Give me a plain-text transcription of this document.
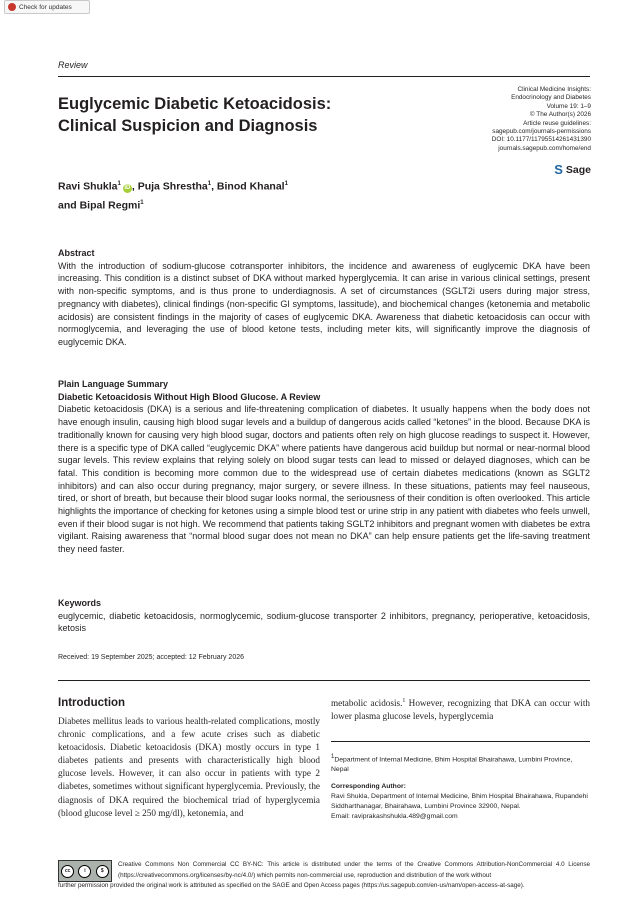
Check for updates
Review
Euglycemic Diabetic Ketoacidosis: Clinical Suspicion and Diagnosis
Clinical Medicine Insights:
Endocrinology and Diabetes
Volume 19: 1–9
© The Author(s) 2026
Article reuse guidelines:
sagepub.com/journals-permissions
DOI: 10.1177/11795514261431390
journals.sagepub.com/home/end
S Sage
Ravi Shukla$^1$iD , Puja Shrestha$^1$, Binod Khanal$^1$
and Bipal Regmi$^1$
Abstract
With the introduction of sodium-glucose cotransporter inhibitors, the incidence and awareness of euglycemic DKA have been increasing. This condition is a distinct subset of DKA without marked hyperglycemia. It can arise in various clinical settings, present with non-specific symptoms, and is thus prone to underdiagnosis. A set of circumstances (SGLT2i users during major stress, pregnancy with diabetes), clinical findings (non-specific GI symptoms, lassitude), and biochemical changes (ketonemia and metabolic acidosis) are consistent findings in the majority of cases of euglycemic DKA. Awareness that diabetic ketoacidosis can occur with normoglycemia, and leveraging the use of blood ketone tests, including meter kits, will significantly improve the diagnosis of euglycemic DKA.
Plain Language Summary
Diabetic Ketoacidosis Without High Blood Glucose. A Review
Diabetic ketoacidosis (DKA) is a serious and life-threatening complication of diabetes. It usually happens when the body does not have enough insulin, causing high blood sugar levels and a buildup of dangerous acids called “ketones” in the blood. Because DKA is traditionally known for causing very high blood sugar, doctors and patients often rely on high glucose readings to suspect it. However, there is a specific type of DKA called “euglycemic DKA” where patients have dangerous acid buildup but normal or near-normal blood sugar levels. This review explains that relying solely on blood sugar tests can lead to missed or delayed diagnoses, which can be fatal. This condition is becoming more common due to the widespread use of certain diabetes medications (known as SGLT2 inhibitors) and can also occur during pregnancy, major surgery, or severe illness. In these situations, patients may feel nauseous, tired, or short of breath, but because their blood sugar looks normal, the seriousness of their condition is often overlooked. This article highlights the importance of checking for ketones using a simple blood test or urine strip in any patient with diabetes who feels unwell, even if their blood sugar is not high. We recommend that patients taking SGLT2 inhibitors and pregnant women with diabetes be extra vigilant. Raising awareness that “normal blood sugar does not mean no DKA” can help ensure patients get the life-saving treatment they need faster.
Keywords
euglycemic, diabetic ketoacidosis, normoglycemic, sodium-glucose transporter 2 inhibitors, pregnancy, perioperative, ketoacidosis, ketosis
Received: 19 September 2025; accepted: 12 February 2026
Introduction
Diabetes mellitus leads to various health-related complications, mostly chronic complications, and a few acute crises such as diabetic ketoacidosis. Diabetic ketoacidosis (DKA) mostly occurs in type 1 diabetes patients and presents with characteristically high blood glucose levels. However, it can also occur in patients with type 2 diabetes, sometimes without significant hyperglycemia. Previously, the diagnosis of DKA required the biochemical triad of hyperglycemia (blood glucose level ≥ 250 mg/dl), ketonemia, and
metabolic acidosis.$^1$ However, recognizing that DKA can occur with lower plasma glucose levels, hyperglycemia
$^1$Department of Internal Medicine, Bhim Hospital Bhairahawa, Lumbini Province, Nepal
Corresponding Author:
Ravi Shukla, Department of Internal Medicine, Bhim Hospital Bhairahawa, Rupandehi Siddharthanagar, Bhairahawa, Lumbini Province 32900, Nepal.
Email: raviprakashshukla.489@gmail.com
cc	i	$
Creative Commons Non Commercial CC BY-NC: This article is distributed under the terms of the Creative Commons Attribution-NonCommercial 4.0 License (https://creativecommons.org/licenses/by-nc/4.0/) which permits non-commercial use, reproduction and distribution of the work without
further permission provided the original work is attributed as specified on the SAGE and Open Access pages (https://us.sagepub.com/en-us/nam/open-access-at-sage).
